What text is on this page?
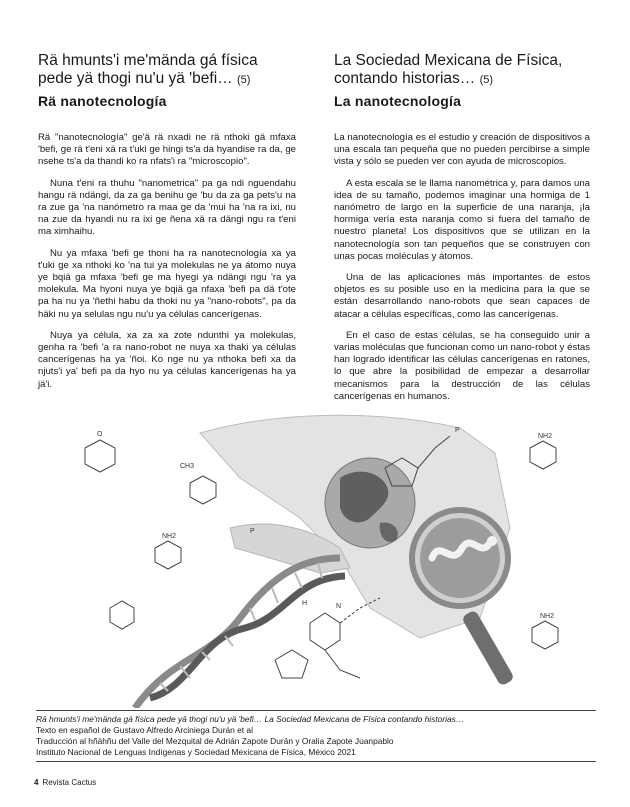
Rä hmunts'i me'mända gá física pede yä thogi nu'u yä 'befi… (5)
Rä nanotecnología

Rä "nanotecnología" ge'ä rä nxadi ne rä nthoki gä mfaxa 'befi, ge rä t'eni xä ra t'uki ge hingi ts'a da hyandise ra da, ge nsehe ts'a da thandi ko ra nfats'i ra "microscopio".

Nuna t'eni ra thuhu "nanometrica" pa ga ndi nguendahu hangu rä ndängi, da za ga benihu ge 'bu da za ga pets'u na ra zue ga 'na nanómetro ra maa ge da 'mui ha 'na ra ixi, nu na zue da hyandi nu ra ixi ge ñena xä ra dängi ngu ra t'eni ma ximhaihu.

Nu ya mfaxa 'befi ge thoni ha ra nanotecnología xa ya t'uki ge xa nthoki ko 'na tui ya molekulas ne ya átomo nuya ye bqiä ga mfaxa 'befi ge ma hyegi ya ndängi ngu 'ra ya molekula. Ma hyoni nuya ye bqiä ga nfaxa 'befi pa dä t'ote pa ha nu ya 'ñethi habu da thoki nu ya "nano-robots", pa da häki nu ya selulas ngu nu'u ya células cancerígenas.

Nuya ya célula, xa za xa zote ndunthi ya molekulas, genha ra 'befi 'a ra nano-robot ne nuya xa thaki ya células cancerígenas ha ya 'ñoi. Ko nge nu ya nthoka befi xa da njuts'i ya' befi pa da hyo nu ya células kancerígenas ha ya jä'i.

La Sociedad Mexicana de Física, contando historias… (5)
La nanotecnología

La nanotecnología es el estudio y creación de dispositivos a una escala tan pequeña que no pueden percibirse a simple vista y sólo se pueden ver con ayuda de microscopios.

A esta escala se le llama nanométrica y, para damos una idea de su tamaño, podemos imaginar una hormiga de 1 nanómetro de largo en la superficie de una naranja, ¡la hormiga vería esta naranja como si fuera del tamaño de nuestro planeta! Los dispositivos que se utilizan en la nanotecnología son tan pequeños que se construyen con unas pocas moléculas y átomos.

Una de las aplicaciones más importantes de estos objetos es su posible uso en la medicina para la que se están desarrollando nano-robots que sean capaces de atacar a células específicas, como las cancerígenas.

En el caso de estas células, se ha conseguido unir a varias moléculas que funcionan como un nano-robot y éstas han logrado identificar las células cancerígenas en ratones, lo que abre la posibilidad de empezar a desarrollar mecanismos para la destrucción de las células cancerígenas en humanos.

O
NH2
NH2
NH2
P
P
H	N
CH3
Rä hmunts'i me'mända gá física pede yä thogi nu'u yä 'befi… La Sociedad Mexicana de Física contando historias…
Texto en español de Gustavo Alfredo Arciniega Durán et al
Traducción al hñähñu del Valle del Mezquital de Adrián Zapote Durán y Oralia Zapote Juanpablo
Instituto Nacional de Lenguas Indígenas y Sociedad Mexicana de Física, México 2021
4 Revista Cactus
